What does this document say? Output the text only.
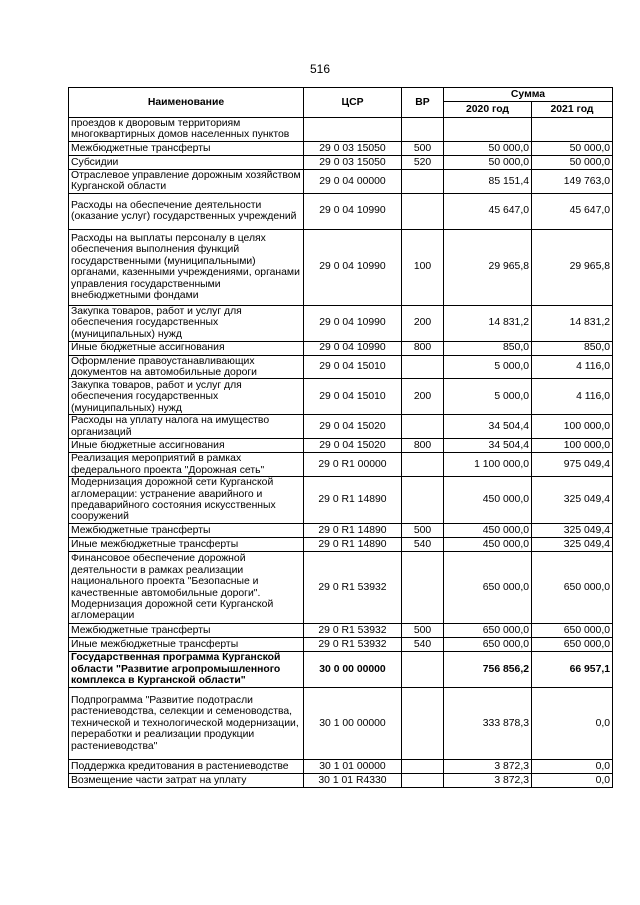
516
Наименование	ЦСР	ВР	Сумма	
			2020 год	2021 год
проездов к дворовым территориям многоквартирных домов населенных пунктов				
Межбюджетные трансферты	29 0 03 15050	500	50 000,0	50 000,0
Субсидии	29 0 03 15050	520	50 000,0	50 000,0
Отраслевое управление дорожным хозяйством Курганской области	29 0 04 00000		85 151,4	149 763,0
Расходы на обеспечение деятельности (оказание услуг) государственных учреждений	29 0 04 10990		45 647,0	45 647,0
Расходы на выплаты персоналу в целях обеспечения выполнения функций государственными (муниципальными) органами, казенными учреждениями, органами управления государственными внебюджетными фондами	29 0 04 10990	100	29 965,8	29 965,8
Закупка товаров, работ и услуг для обеспечения государственных (муниципальных) нужд	29 0 04 10990	200	14 831,2	14 831,2
Иные бюджетные ассигнования	29 0 04 10990	800	850,0	850,0
Оформление правоустанавливающих документов на автомобильные дороги	29 0 04 15010		5 000,0	4 116,0
Закупка товаров, работ и услуг для обеспечения государственных (муниципальных) нужд	29 0 04 15010	200	5 000,0	4 116,0
Расходы на уплату налога на имущество организаций	29 0 04 15020		34 504,4	100 000,0
Иные бюджетные ассигнования	29 0 04 15020	800	34 504,4	100 000,0
Реализация мероприятий в рамках федерального проекта "Дорожная сеть"	29 0 R1 00000		1 100 000,0	975 049,4
Модернизация дорожной сети Курганской агломерации: устранение аварийного и предаварийного состояния искусственных сооружений	29 0 R1 14890		450 000,0	325 049,4
Межбюджетные трансферты	29 0 R1 14890	500	450 000,0	325 049,4
Иные межбюджетные трансферты	29 0 R1 14890	540	450 000,0	325 049,4
Финансовое обеспечение дорожной деятельности в рамках реализации национального проекта "Безопасные и качественные автомобильные дороги". Модернизация дорожной сети Курганской агломерации	29 0 R1 53932		650 000,0	650 000,0
Межбюджетные трансферты	29 0 R1 53932	500	650 000,0	650 000,0
Иные межбюджетные трансферты	29 0 R1 53932	540	650 000,0	650 000,0
Государственная программа Курганской области "Развитие агропромышленного комплекса в Курганской области"	30 0 00 00000		756 856,2	66 957,1
Подпрограмма "Развитие подотрасли растениеводства, селекции и семеноводства, технической и технологической модернизации, переработки и реализации продукции растениеводства"	30 1 00 00000		333 878,3	0,0
Поддержка кредитования в растениеводстве	30 1 01 00000		3 872,3	0,0
Возмещение части затрат на уплату	30 1 01 R4330		3 872,3	0,0
